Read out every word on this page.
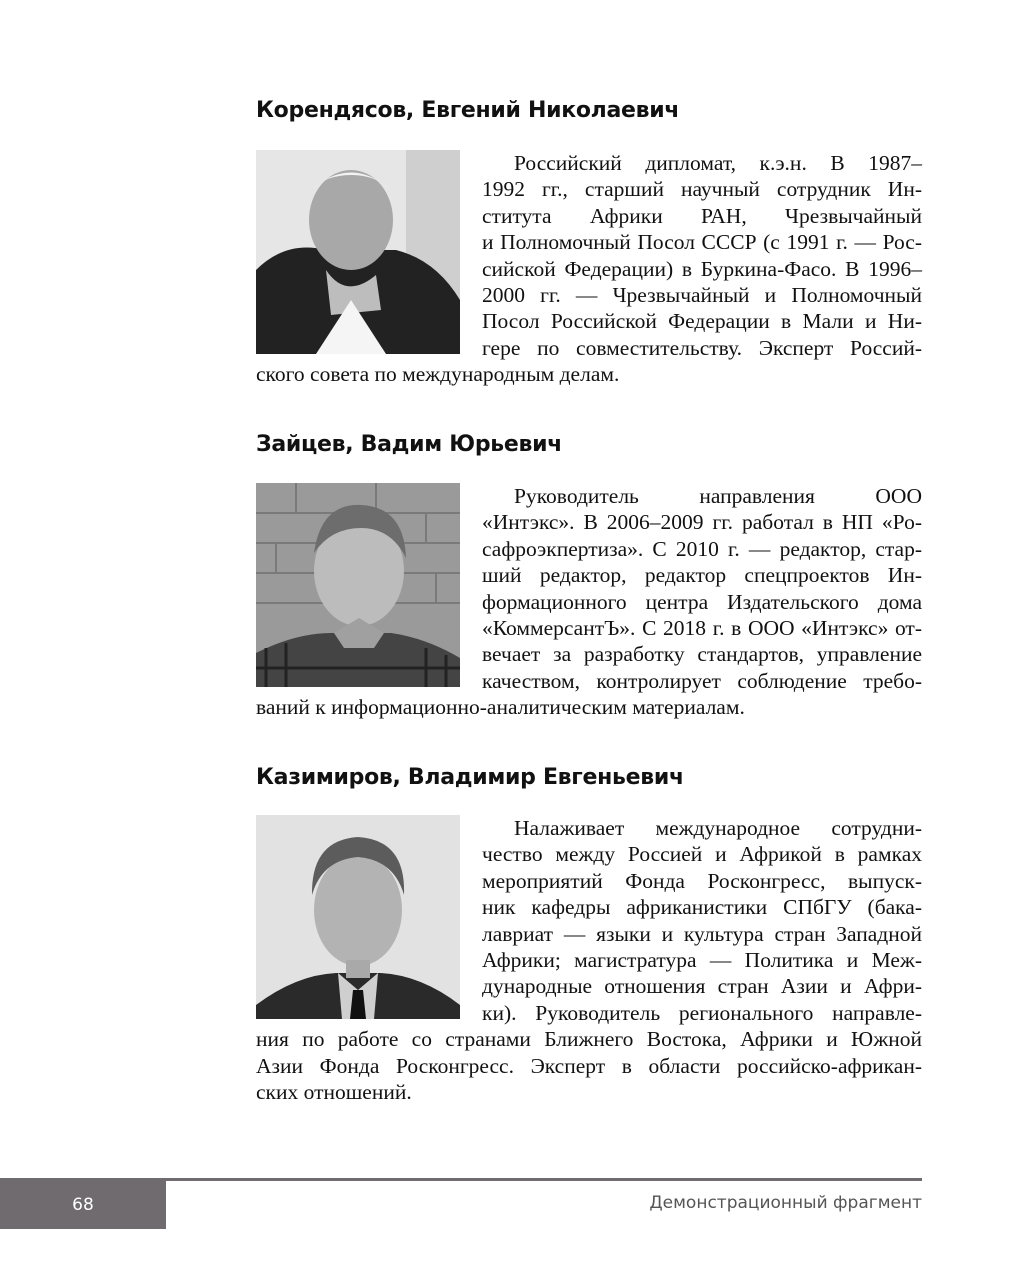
Корендясов, Евгений Николаевич

Российский дипломат, к.э.н. В 1987–
1992 гг., старший научный сотрудник Ин-
ститута Африки РАН, Чрезвычайный
и Полномочный Посол СССР (с 1991 г. — Рос-
сийской Федерации) в Буркина-Фасо. В 1996–
2000 гг. — Чрезвычайный и Полномочный
Посол Российской Федерации в Мали и Ни-
гере по совместительству. Эксперт Россий-
ского совета по международным делам.

Зайцев, Вадим Юрьевич

Руководитель направления ООО
«Интэкс». В 2006–2009 гг. работал в НП «Ро-
сафроэкпертиза». С 2010 г. — редактор, стар-
ший редактор, редактор спецпроектов Ин-
формационного центра Издательского дома
«КоммерсантЪ». С 2018 г. в ООО «Интэкс» от-
вечает за разработку стандартов, управление
качеством, контролирует соблюдение требо-
ваний к информационно-аналитическим материалам.

Казимиров, Владимир Евгеньевич

Налаживает международное сотрудни-
чество между Россией и Африкой в рамках
мероприятий Фонда Росконгресс, выпуск-
ник кафедры африканистики СПбГУ (бака-
лавриат — языки и культура стран Западной
Африки; магистратура — Политика и Меж-
дународные отношения стран Азии и Афри-
ки). Руководитель регионального направле-
ния по работе со странами Ближнего Востока, Африки и Южной
Азии Фонда Росконгресс. Эксперт в области российско-африкан-
ских отношений.

68	Демонстрационный фрагмент
